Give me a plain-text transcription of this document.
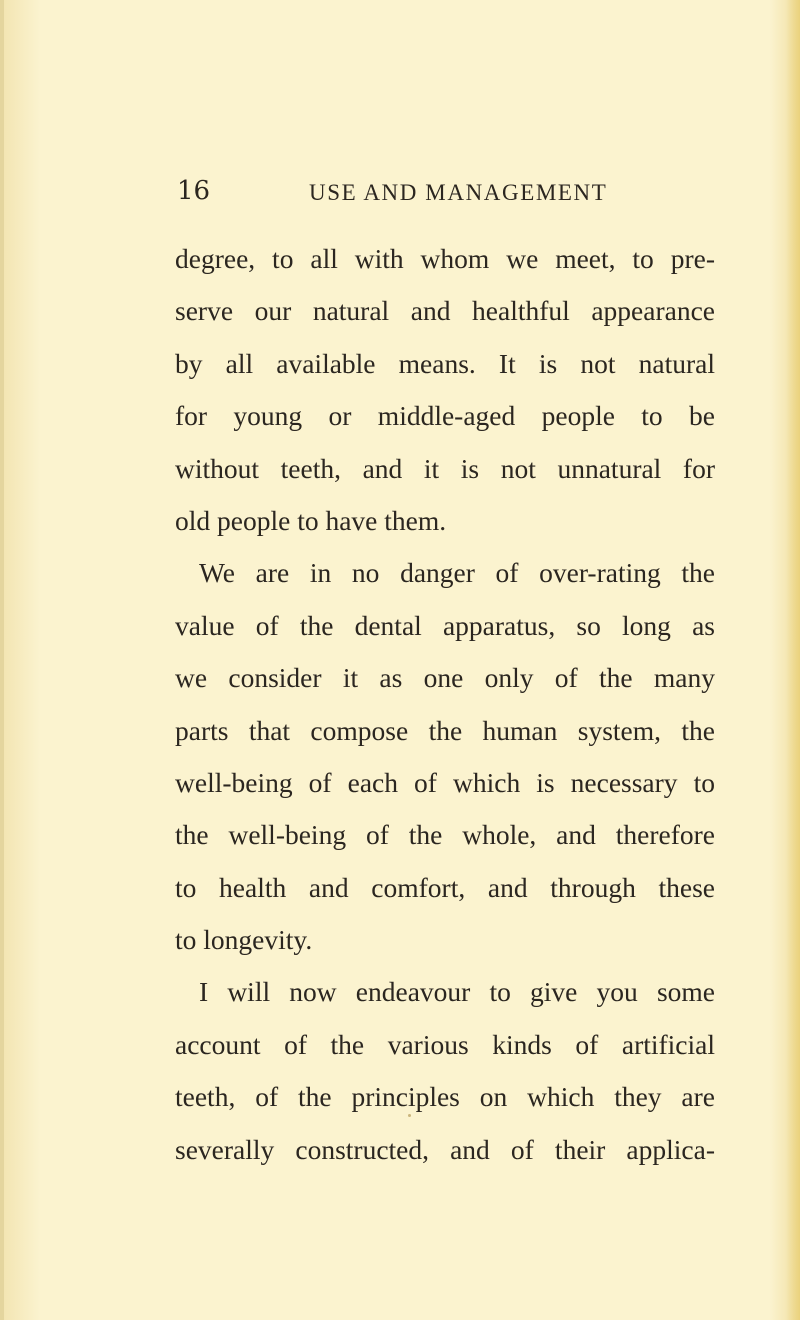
16	USE AND MANAGEMENT
degree, to all with whom we meet, to pre-
serve our natural and healthful appearance
by all available means. It is not natural
for young or middle-aged people to be
without teeth, and it is not unnatural for
old people to have them.
We are in no danger of over-rating the
value of the dental apparatus, so long as
we consider it as one only of the many
parts that compose the human system, the
well-being of each of which is necessary to
the well-being of the whole, and therefore
to health and comfort, and through these
to longevity.
I will now endeavour to give you some
account of the various kinds of artificial
teeth, of the principles on which they are
severally constructed, and of their applica-
